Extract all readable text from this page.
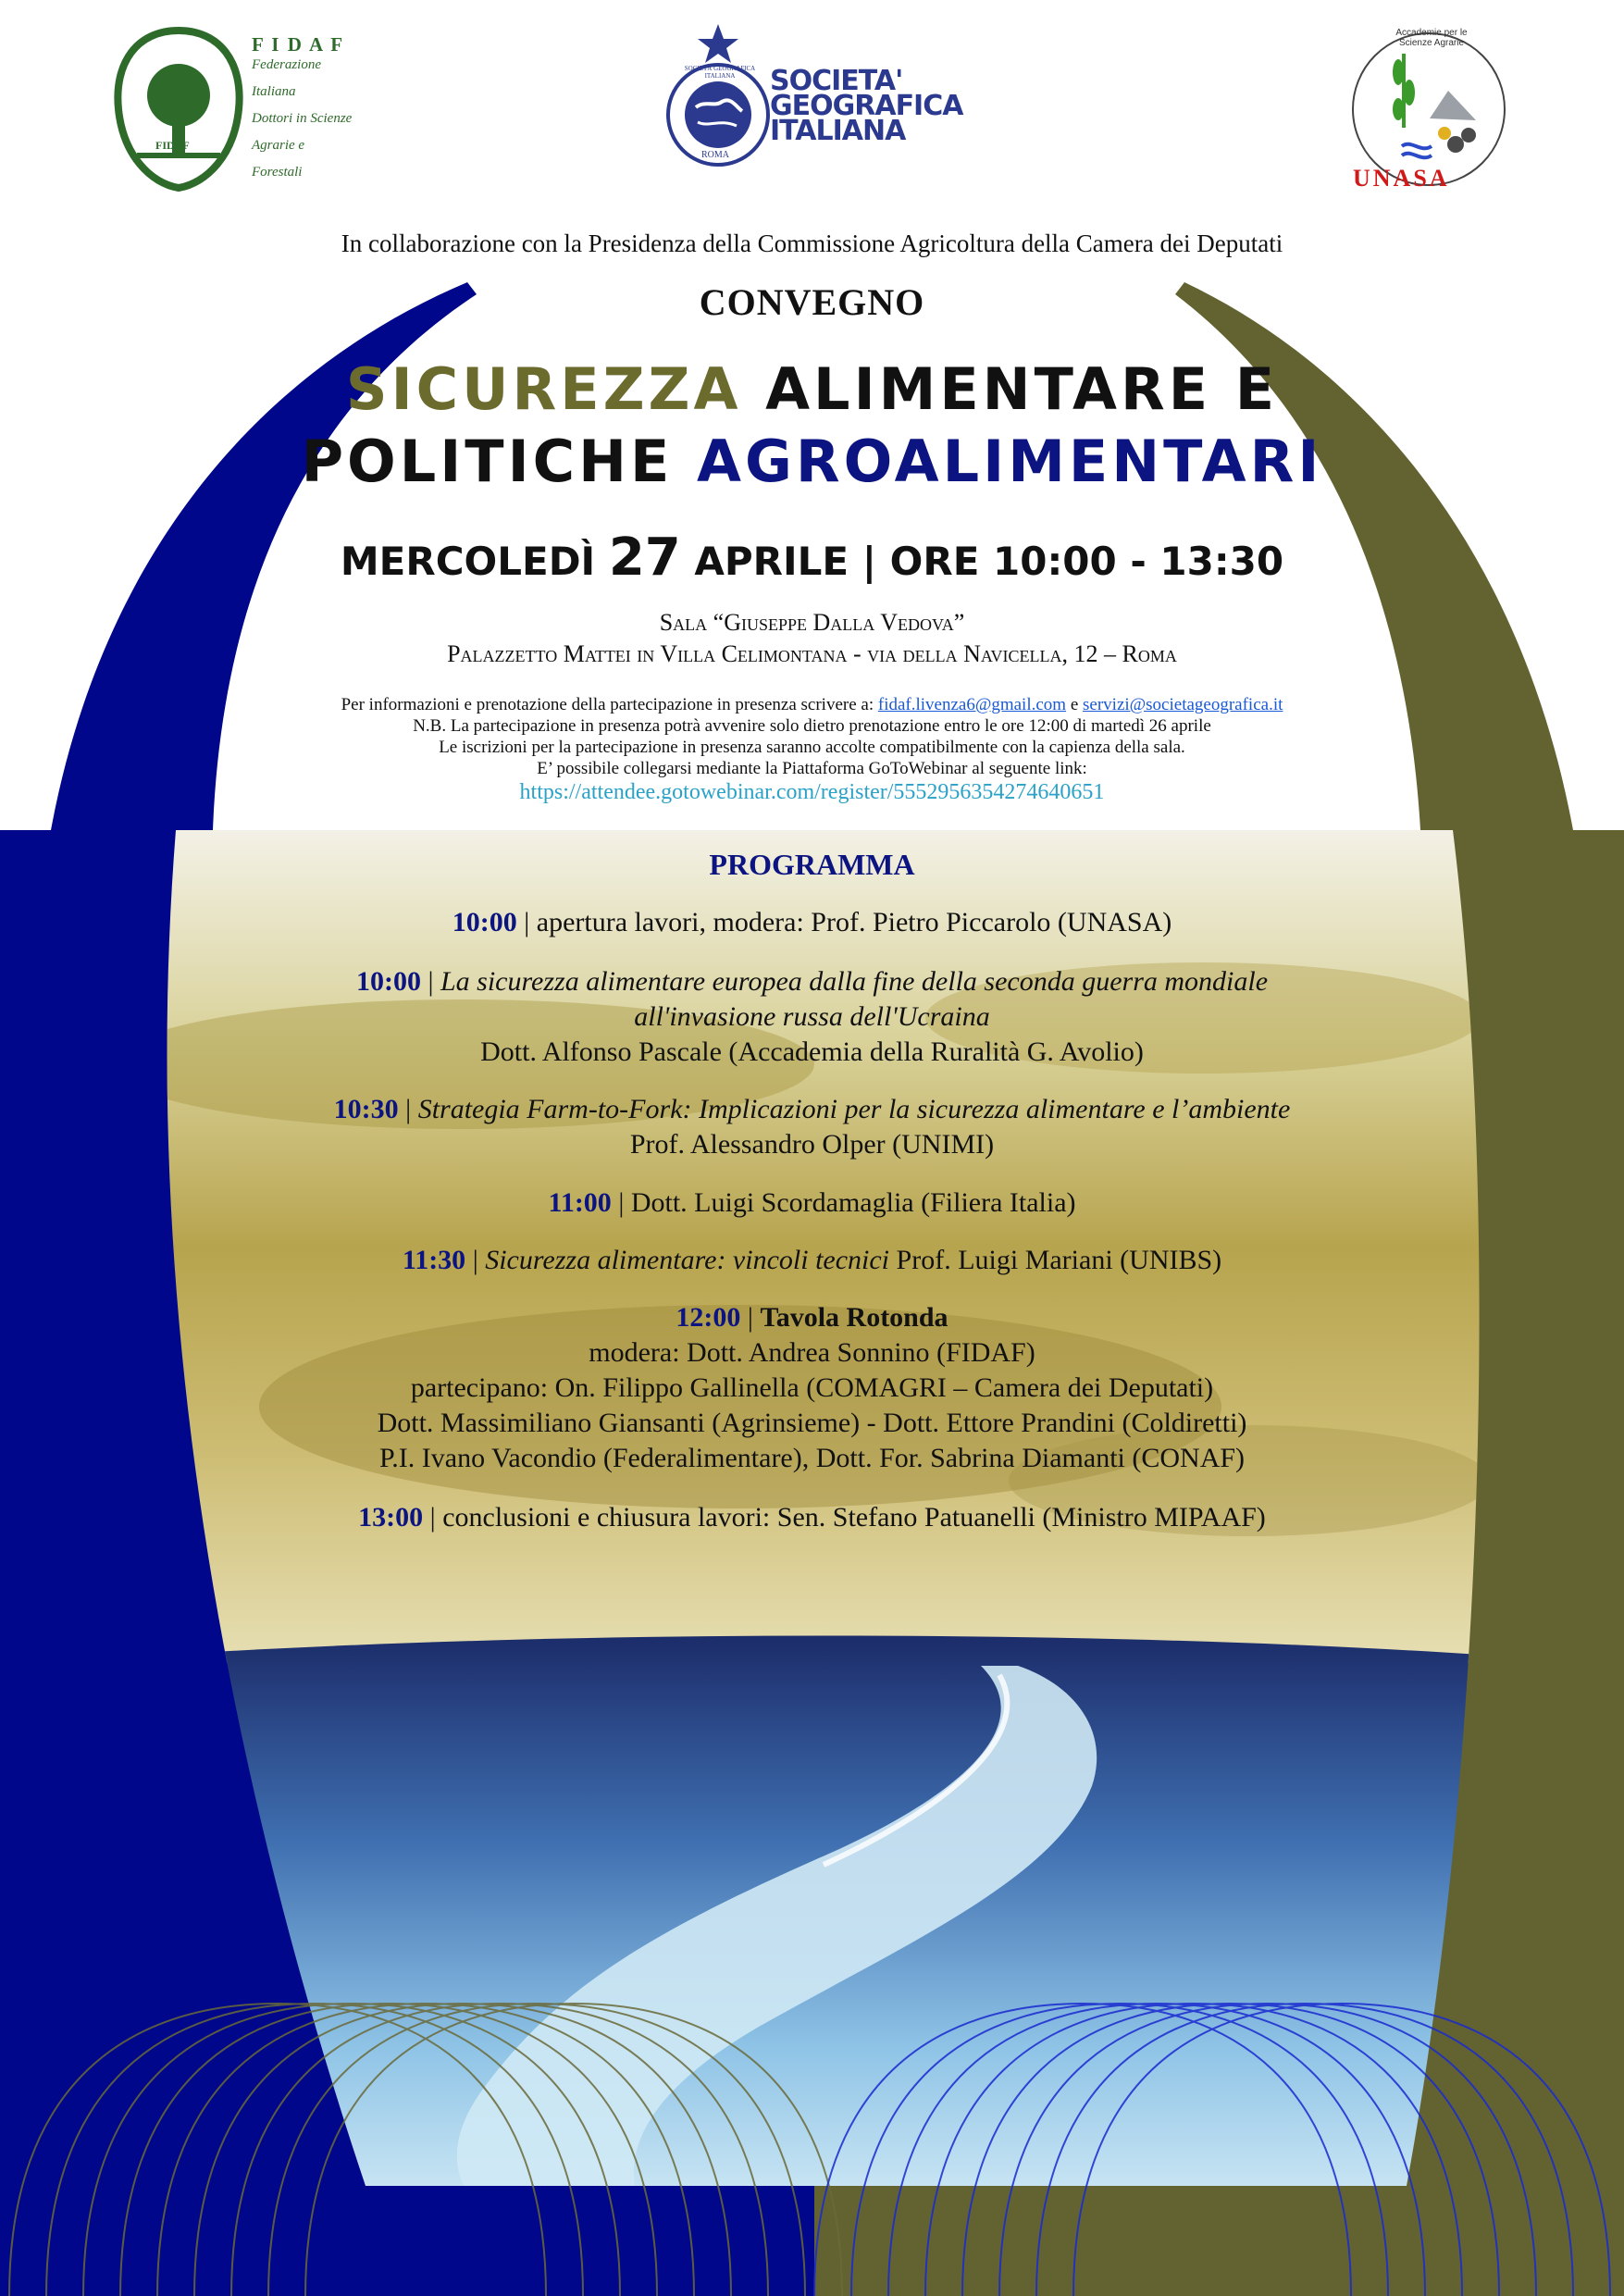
FIDAF
F I D A F
Federazione
Italiana
Dottori in Scienze
Agrarie e
Forestali
ROMA
SOCIETÀ GEOGRAFICA ITALIANA	SOCIETA'
GEOGRAFICA
ITALIANA
Accademie per le Scienze Agrarie
UNASA
In collaborazione con la Presidenza della Commissione Agricoltura della Camera dei Deputati
CONVEGNO
SICUREZZA ALIMENTARE E
POLITICHE AGROALIMENTARI
MERCOLEDÌ 27 APRILE | ORE 10:00 - 13:30
Sala “Giuseppe Dalla Vedova”
Palazzetto Mattei in Villa Celimontana - via della Navicella, 12 – Roma
Per informazioni e prenotazione della partecipazione in presenza scrivere a: fidaf.livenza6@gmail.com e servizi@societageografica.it
N.B. La partecipazione in presenza potrà avvenire solo dietro prenotazione entro le ore 12:00 di martedì 26 aprile
Le iscrizioni per la partecipazione in presenza saranno accolte compatibilmente con la capienza della sala.
E’ possibile collegarsi mediante la Piattaforma GoToWebinar al seguente link:
https://attendee.gotowebinar.com/register/5552956354274640651
PROGRAMMA
10:00 | apertura lavori, modera: Prof. Pietro Piccarolo (UNASA)
10:00 | La sicurezza alimentare europea dalla fine della seconda guerra mondiale
all'invasione russa dell'Ucraina
Dott. Alfonso Pascale (Accademia della Ruralità G. Avolio)
10:30 | Strategia Farm-to-Fork: Implicazioni per la sicurezza alimentare e l’ambiente
Prof. Alessandro Olper (UNIMI)
11:00 | Dott. Luigi Scordamaglia (Filiera Italia)
11:30 | Sicurezza alimentare: vincoli tecnici Prof. Luigi Mariani (UNIBS)
12:00 | Tavola Rotonda
modera: Dott. Andrea Sonnino (FIDAF)
partecipano: On. Filippo Gallinella (COMAGRI – Camera dei Deputati)
Dott. Massimiliano Giansanti (Agrinsieme) - Dott. Ettore Prandini (Coldiretti)
P.I. Ivano Vacondio (Federalimentare), Dott. For. Sabrina Diamanti (CONAF)
13:00 | conclusioni e chiusura lavori: Sen. Stefano Patuanelli (Ministro MIPAAF)
